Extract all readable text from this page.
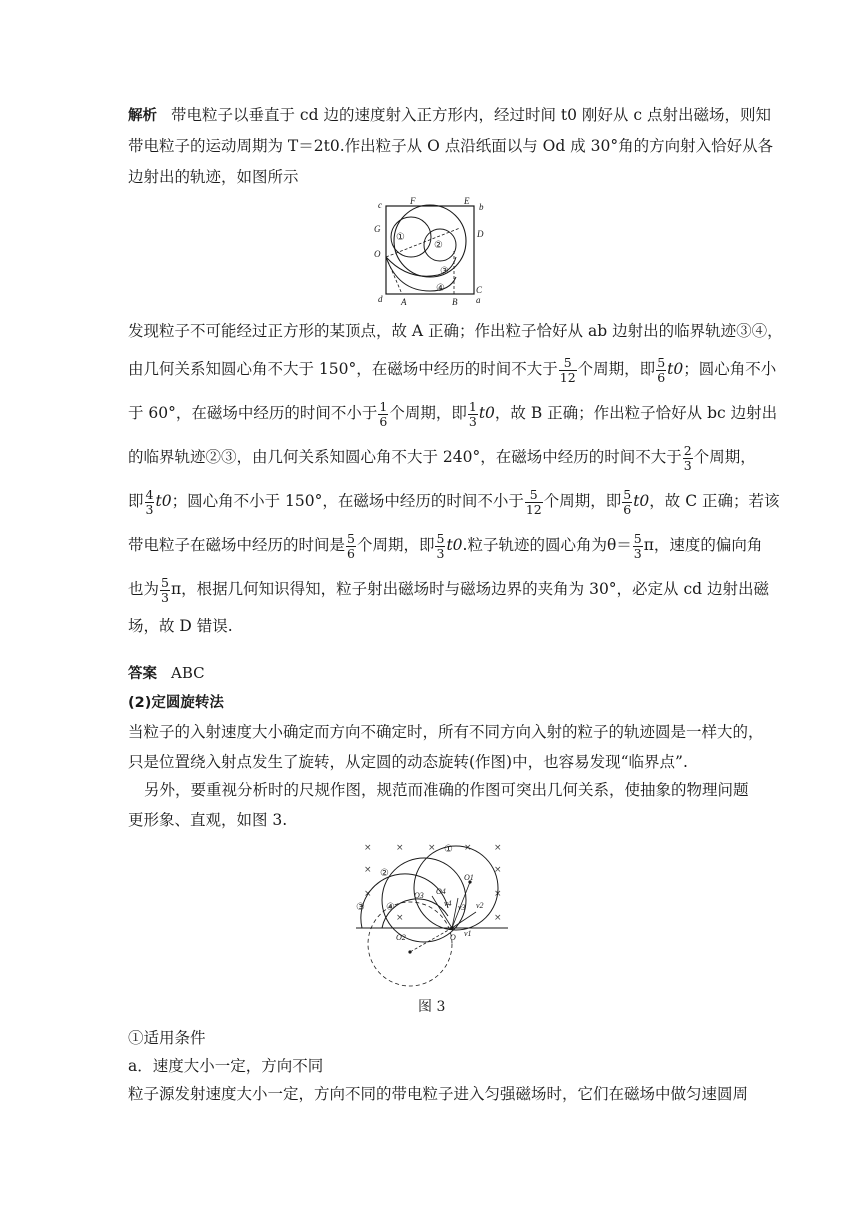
解析 带电粒子以垂直于 cd 边的速度射入正方形内，经过时间 t0 刚好从 c 点射出磁场，则知
带电粒子的运动周期为 T＝2t0.作出粒子从 O 点沿纸面以与 Od 成 30°角的方向射入恰好从各
边射出的轨迹，如图所示
c	F	E
b
G	D
O
d A	B
C
a
①
②
③
④
发现粒子不可能经过正方形的某顶点，故 A 正确；作出粒子恰好从 ab 边射出的临界轨迹③④，
由几何关系知圆心角不大于 150°，在磁场中经历的时间不大于 $\frac{5}{12}$ 个周期，即 $\frac{5}{6} t0$；圆心角不小
于 60°，在磁场中经历的时间不小于 $\frac{1}{6}$ 个周期，即 $\frac{1}{3} t0$，故 B 正确；作出粒子恰好从 bc 边射出
的临界轨迹②③，由几何关系知圆心角不大于 240°，在磁场中经历的时间不大于 $\frac{2}{3}$ 个周期，
即 $\frac{4}{3} t0$；圆心角不小于 150°，在磁场中经历的时间不小于 $\frac{5}{12}$ 个周期，即 $\frac{5}{6} t0$，故 C 正确；若该
带电粒子在磁场中经历的时间是 $\frac{5}{6}$ 个周期，即 $\frac{5}{3} t0$.粒子轨迹的圆心角为$\theta= \frac{5}{3}$ π，速度的偏向角
也为 $\frac{5}{3}$ π，根据几何知识得知，粒子射出磁场时与磁场边界的夹角为 30°，必定从 cd 边射出磁
场，故 D 错误.
答案 ABC
(2)定圆旋转法
当粒子的入射速度大小确定而方向不确定时，所有不同方向入射的粒子的轨迹圆是一样大的，
只是位置绕入射点发生了旋转，从定圆的动态旋转(作图)中，也容易发现“临界点”.
另外，要重视分析时的尺规作图，规范而准确的作图可突出几何关系，使抽象的物理问题
更形象、直观，如图 3.
×	×	×	× ×
×	×
×	×
×
×
①
②
③ ④
O1
O2
O3 O4
O v1
v2
v3
v4
图 3
①适用条件
a．速度大小一定，方向不同
粒子源发射速度大小一定，方向不同的带电粒子进入匀强磁场时，它们在磁场中做匀速圆周
